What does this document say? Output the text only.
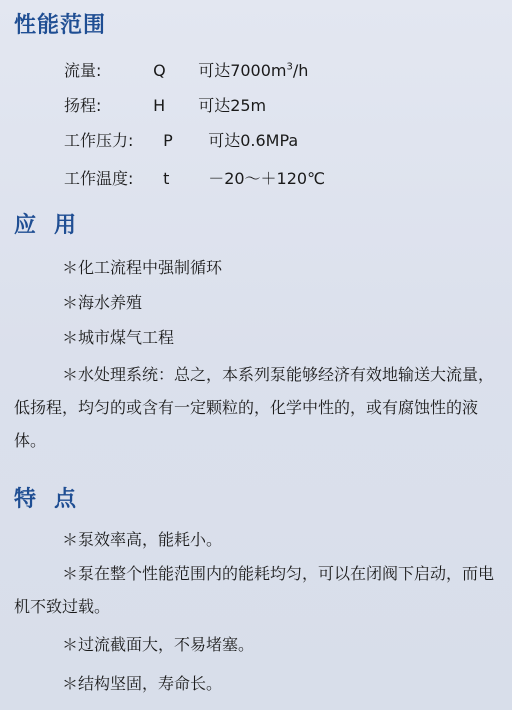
性能范围
流量:	Q 可达$7000m^3/h$
扬程:	H 可达25m
工作压力: P 可达0.6MPa
工作温度: t －20～＋120℃
应用
＊化工流程中强制循环
＊海水养殖
＊城市煤气工程
＊水处理系统：总之，本系列泵能够经济有效地输送大流量，低扬程，均匀的或含有一定颗粒的，化学中性的，或有腐蚀性的液体。
特点
＊泵效率高，能耗小。
＊泵在整个性能范围内的能耗均匀，可以在闭阀下启动，而电机不致过载。
＊过流截面大，不易堵塞。
＊结构坚固，寿命长。
